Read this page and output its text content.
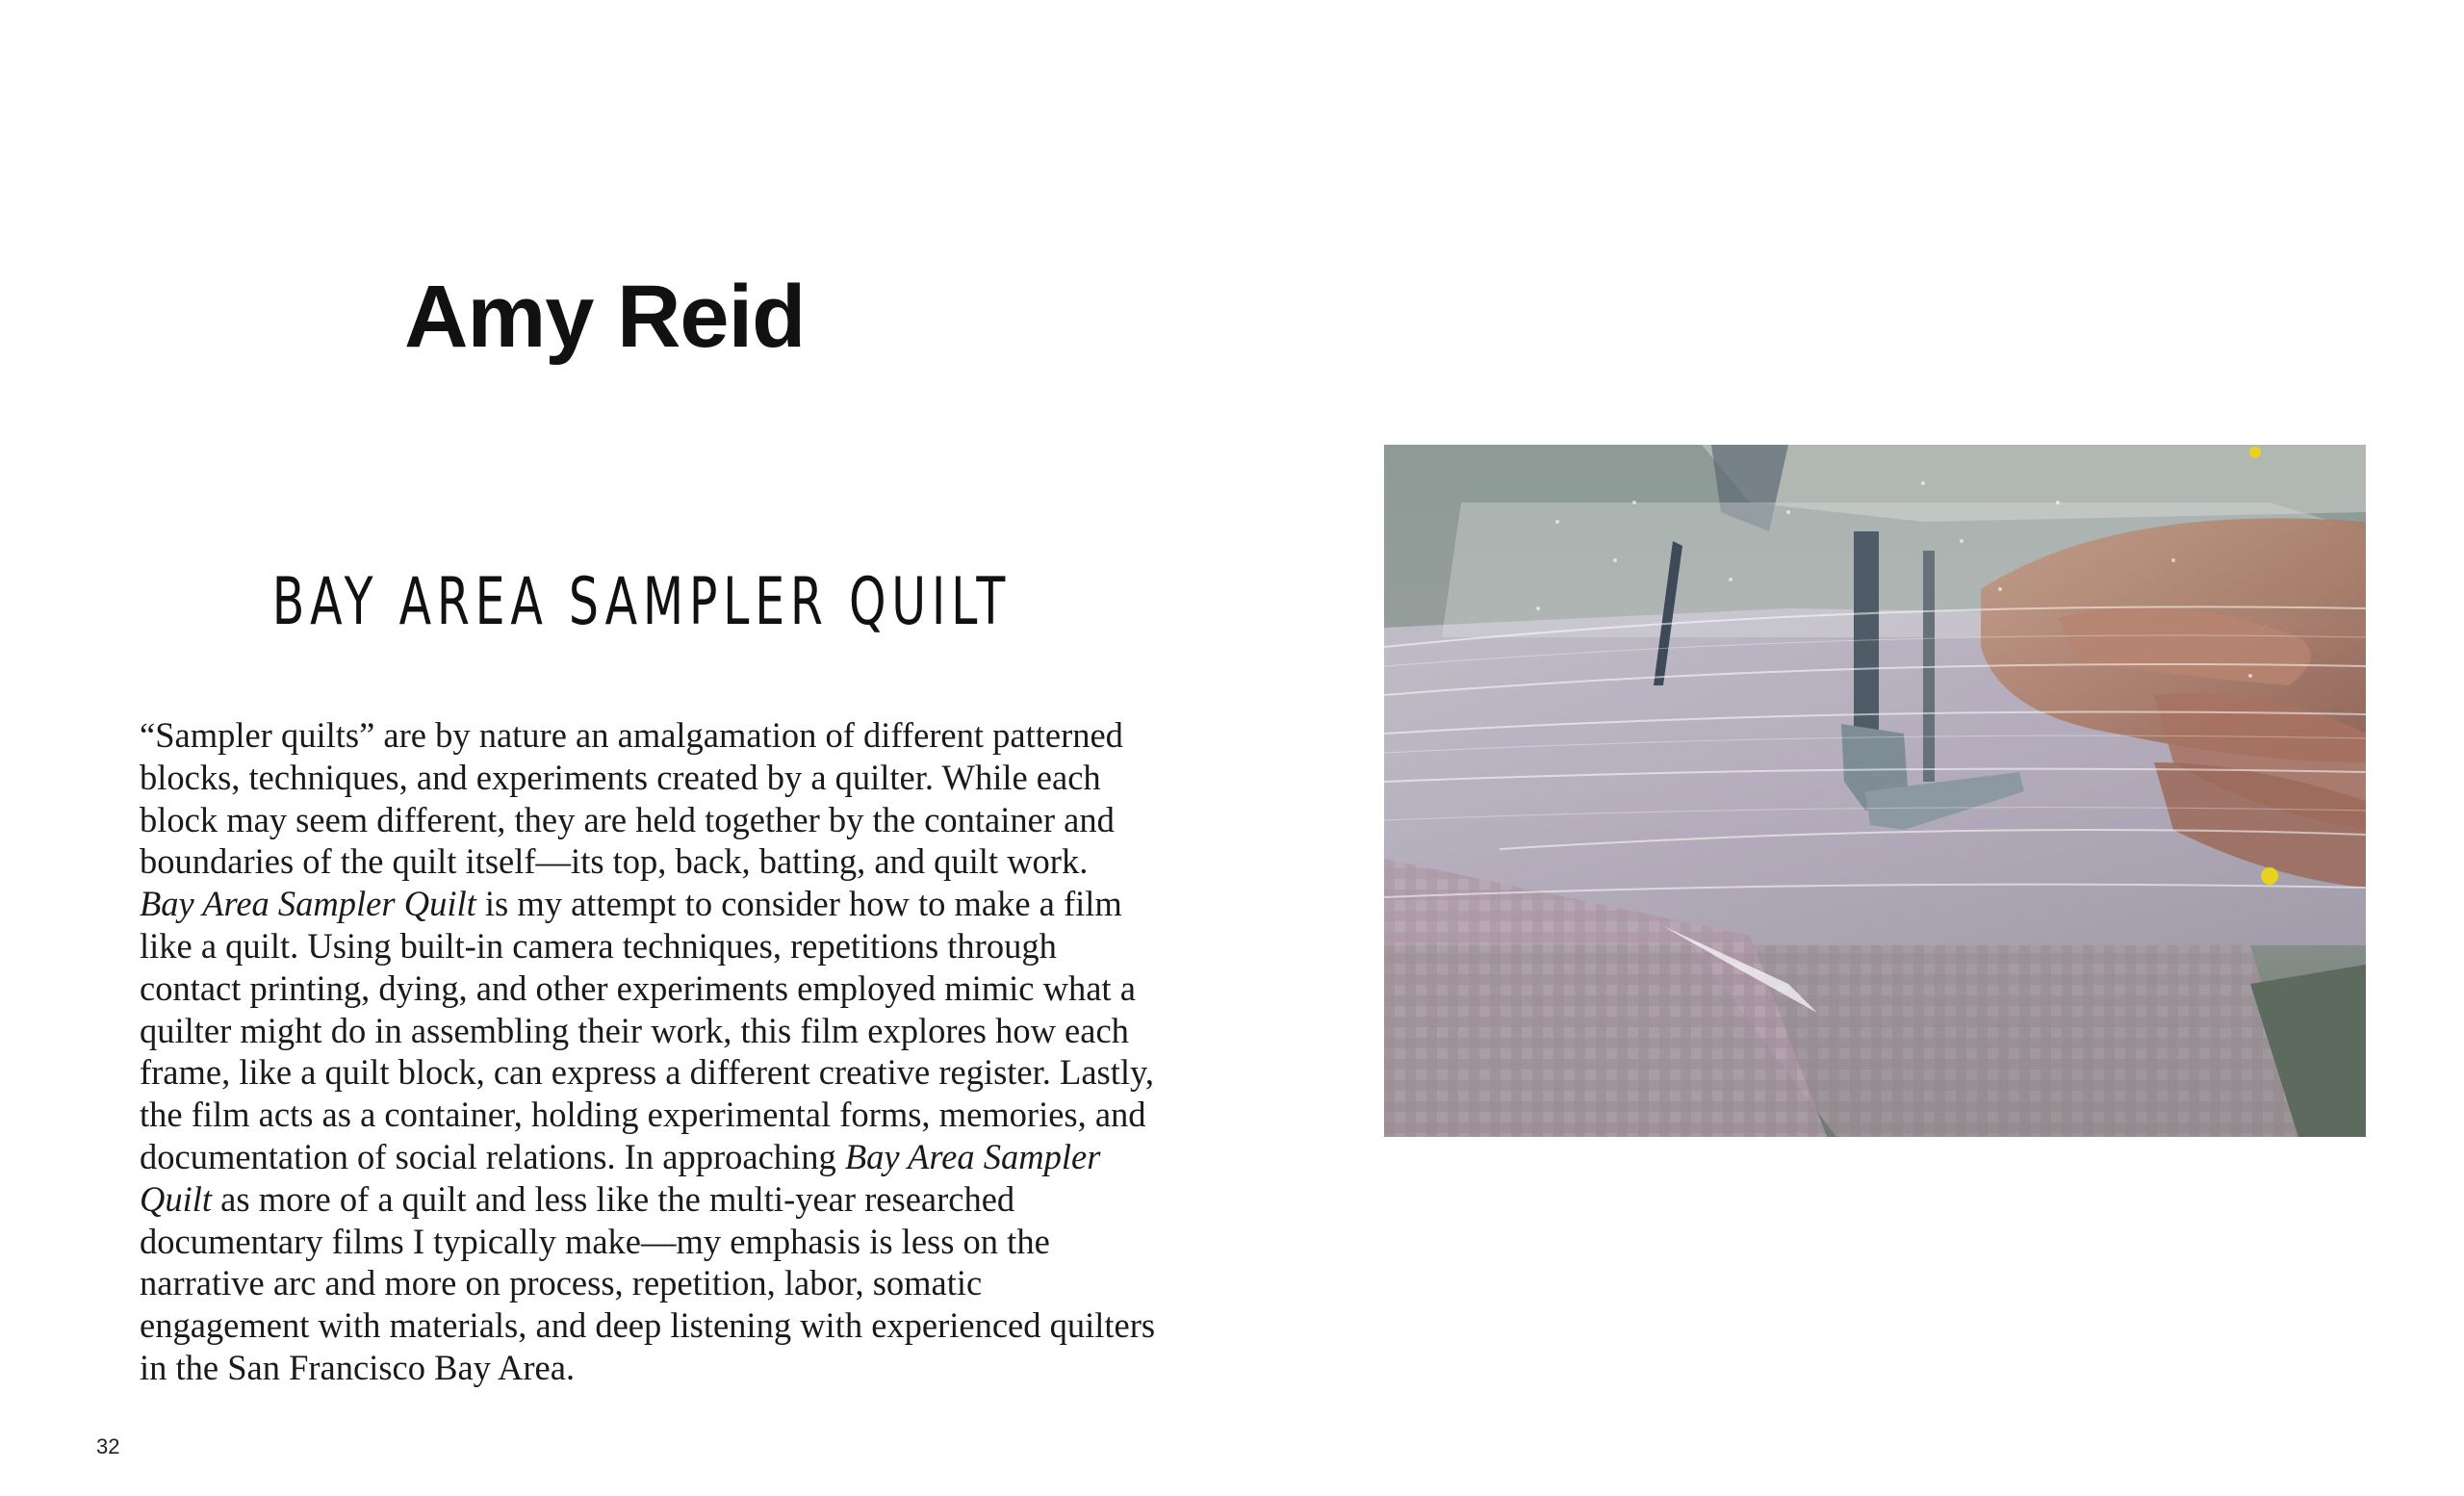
Amy Reid
BAY AREA SAMPLER QUILT
“Sampler quilts” are by nature an amalgamation of different patterned
blocks, techniques, and experiments created by a quilter. While each
block may seem different, they are held together by the container and
boundaries of the quilt itself—its top, back, batting, and quilt work.
Bay Area Sampler Quilt is my attempt to consider how to make a film
like a quilt. Using built-in camera techniques, repetitions through
contact printing, dying, and other experiments employed mimic what a
quilter might do in assembling their work, this film explores how each
frame, like a quilt block, can express a different creative register. Lastly,
the film acts as a container, holding experimental forms, memories, and
documentation of social relations. In approaching Bay Area Sampler
Quilt as more of a quilt and less like the multi-year researched
documentary films I typically make—my emphasis is less on the
narrative arc and more on process, repetition, labor, somatic
engagement with materials, and deep listening with experienced quilters
in the San Francisco Bay Area.
32
